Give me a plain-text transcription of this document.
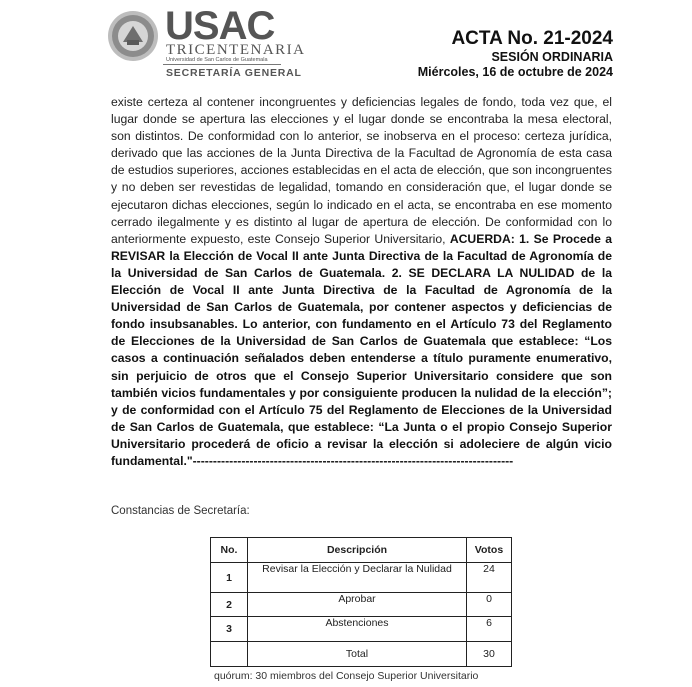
USAC
TRICENTENARIA
Universidad de San Carlos de Guatemala
SECRETARÍA GENERAL
ACTA No. 21-2024
SESIÓN ORDINARIA
Miércoles, 16 de octubre de 2024
existe certeza al contener incongruentes y deficiencias legales de fondo, toda vez que, el lugar donde se apertura las elecciones y el lugar donde se encontraba la mesa electoral, son distintos. De conformidad con lo anterior, se inobserva en el proceso: certeza jurídica, derivado que las acciones de la Junta Directiva de la Facultad de Agronomía de esta casa de estudios superiores, acciones establecidas en el acta de elección, que son incongruentes y no deben ser revestidas de legalidad, tomando en consideración que, el lugar donde se ejecutaron dichas elecciones, según lo indicado en el acta, se encontraba en ese momento cerrado ilegalmente y es distinto al lugar de apertura de elección. De conformidad con lo anteriormente expuesto, este Consejo Superior Universitario, ACUERDA: 1. Se Procede a REVISAR la Elección de Vocal II ante Junta Directiva de la Facultad de Agronomía de la Universidad de San Carlos de Guatemala. 2. SE DECLARA LA NULIDAD de la Elección de Vocal II ante Junta Directiva de la Facultad de Agronomía de la Universidad de San Carlos de Guatemala, por contener aspectos y deficiencias de fondo insubsanables. Lo anterior, con fundamento en el Artículo 73 del Reglamento de Elecciones de la Universidad de San Carlos de Guatemala que establece: “Los casos a continuación señalados deben entenderse a título puramente enumerativo, sin perjuicio de otros que el Consejo Superior Universitario considere que son también vicios fundamentales y por consiguiente producen la nulidad de la elección”; y de conformidad con el Artículo 75 del Reglamento de Elecciones de la Universidad de San Carlos de Guatemala, que establece: “La Junta o el propio Consejo Superior Universitario procederá de oficio a revisar la elección si adoleciere de algún vicio fundamental."-------------------------------------------------------------------------------
Constancias de Secretaría:
No.	Descripción	Votos
1	Revisar la Elección y Declarar la Nulidad	24
2	Aprobar	0
3	Abstenciones	6
	Total	30
quórum: 30 miembros del Consejo Superior Universitario
